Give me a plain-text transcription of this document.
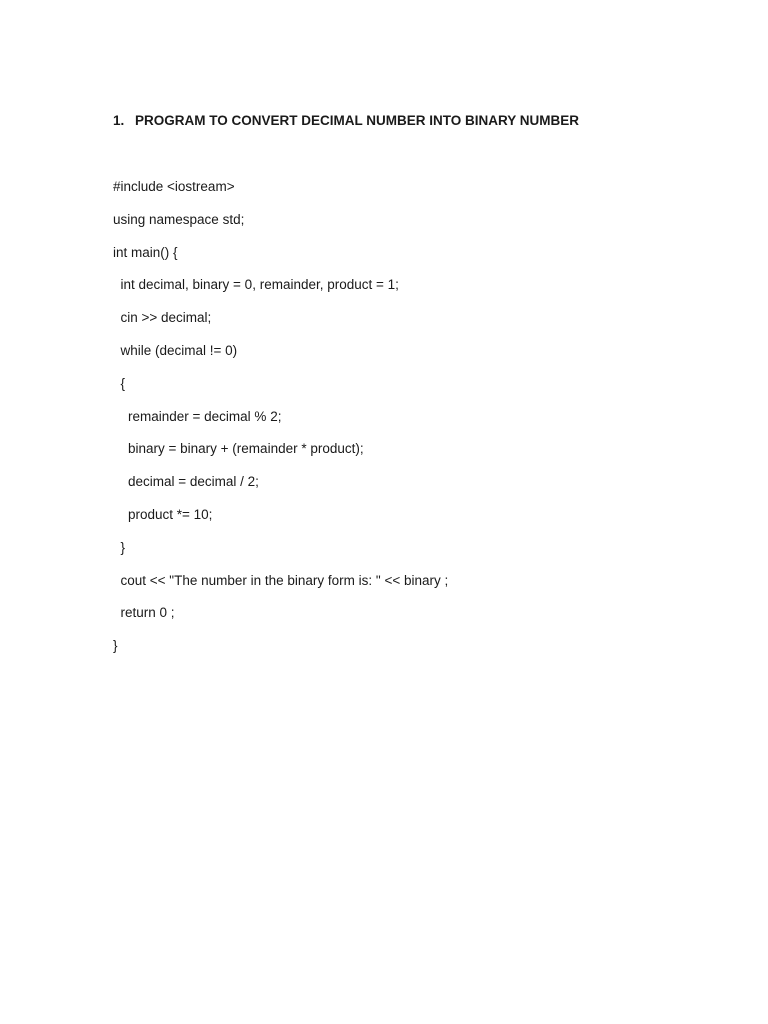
1. PROGRAM TO CONVERT DECIMAL NUMBER INTO BINARY NUMBER
#include <iostream>
using namespace std;
int main() {
int decimal, binary = 0, remainder, product = 1;
cin >> decimal;
while (decimal != 0)
{
remainder = decimal % 2;
binary = binary + (remainder * product);
decimal = decimal / 2;
product *= 10;
}
cout << "The number in the binary form is: " << binary ;
return 0 ;
}
